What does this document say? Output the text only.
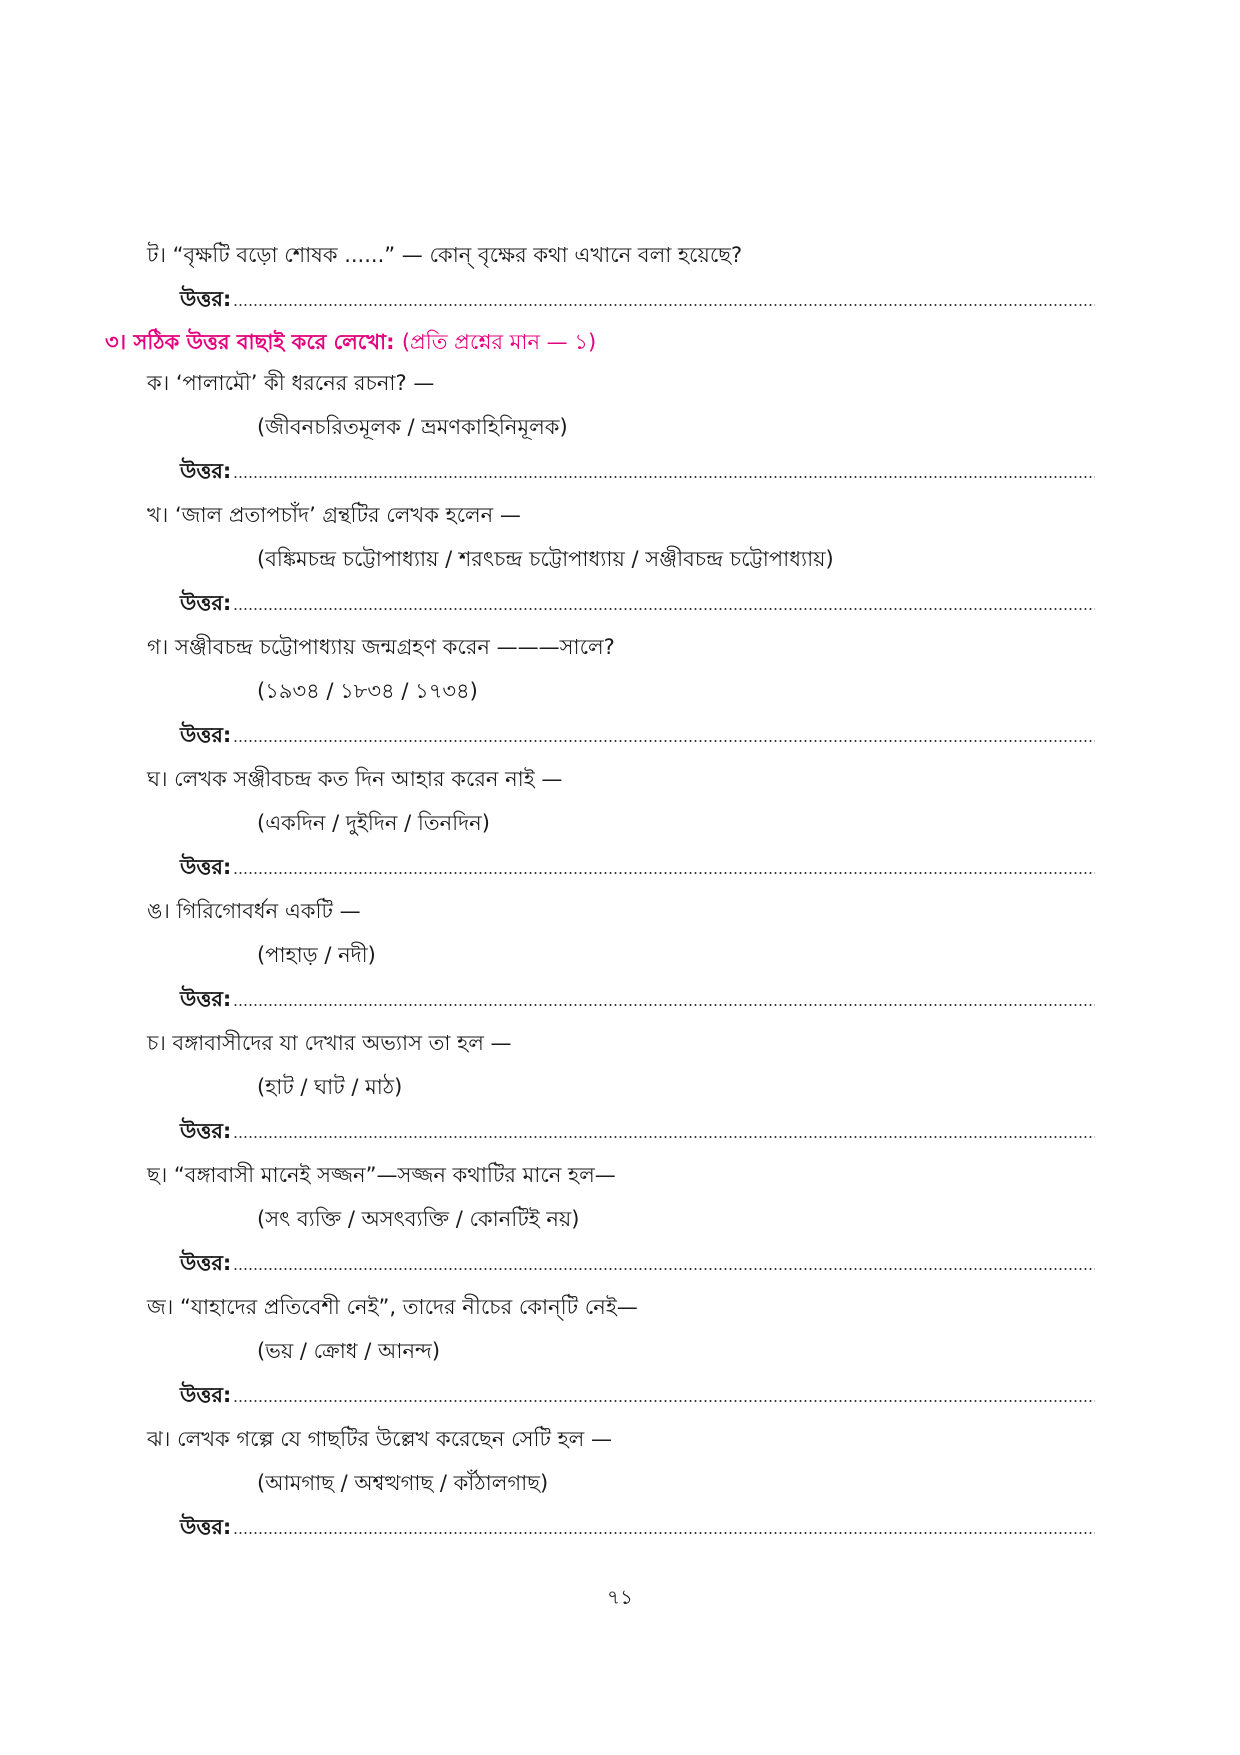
ট। “বৃক্ষটি বড়ো শোষক ......” — কোন্ বৃক্ষের কথা এখানে বলা হয়েছে?
উত্তর:
৩। সঠিক উত্তর বাছাই করে লেখো: (প্রতি প্রশ্নের মান — ১)
ক। ‘পালামৌ’ কী ধরনের রচনা? —
(জীবনচরিতমূলক / ভ্রমণকাহিনিমূলক)
উত্তর:
খ। ‘জাল প্রতাপচাঁদ’ গ্রন্থটির লেখক হলেন —
(বঙ্কিমচন্দ্র চট্টোপাধ্যায় / শরৎচন্দ্র চট্টোপাধ্যায় / সঞ্জীবচন্দ্র চট্টোপাধ্যায়)
উত্তর:
গ। সঞ্জীবচন্দ্র চট্টোপাধ্যায় জন্মগ্রহণ করেন ———সালে?
(১৯৩৪ / ১৮৩৪ / ১৭৩৪)
উত্তর:
ঘ। লেখক সঞ্জীবচন্দ্র কত দিন আহার করেন নাই —
(একদিন / দুইদিন / তিনদিন)
উত্তর:
ঙ। গিরিগোবর্ধন একটি —
(পাহাড় / নদী)
উত্তর:
চ। বঙ্গাবাসীদের যা দেখার অভ্যাস তা হল —
(হাট / ঘাট / মাঠ)
উত্তর:
ছ। “বঙ্গাবাসী মানেই সজ্জন”—সজ্জন কথাটির মানে হল—
(সৎ ব্যক্তি / অসৎব্যক্তি / কোনটিই নয়)
উত্তর:
জ। “যাহাদের প্রতিবেশী নেই”, তাদের নীচের কোন্‌টি নেই—
(ভয় / ক্রোধ / আনন্দ)
উত্তর:
ঝ। লেখক গল্পে যে গাছটির উল্লেখ করেছেন সেটি হল —
(আমগাছ / অশ্বত্থগাছ / কাঁঠালগাছ)
উত্তর:
৭১
